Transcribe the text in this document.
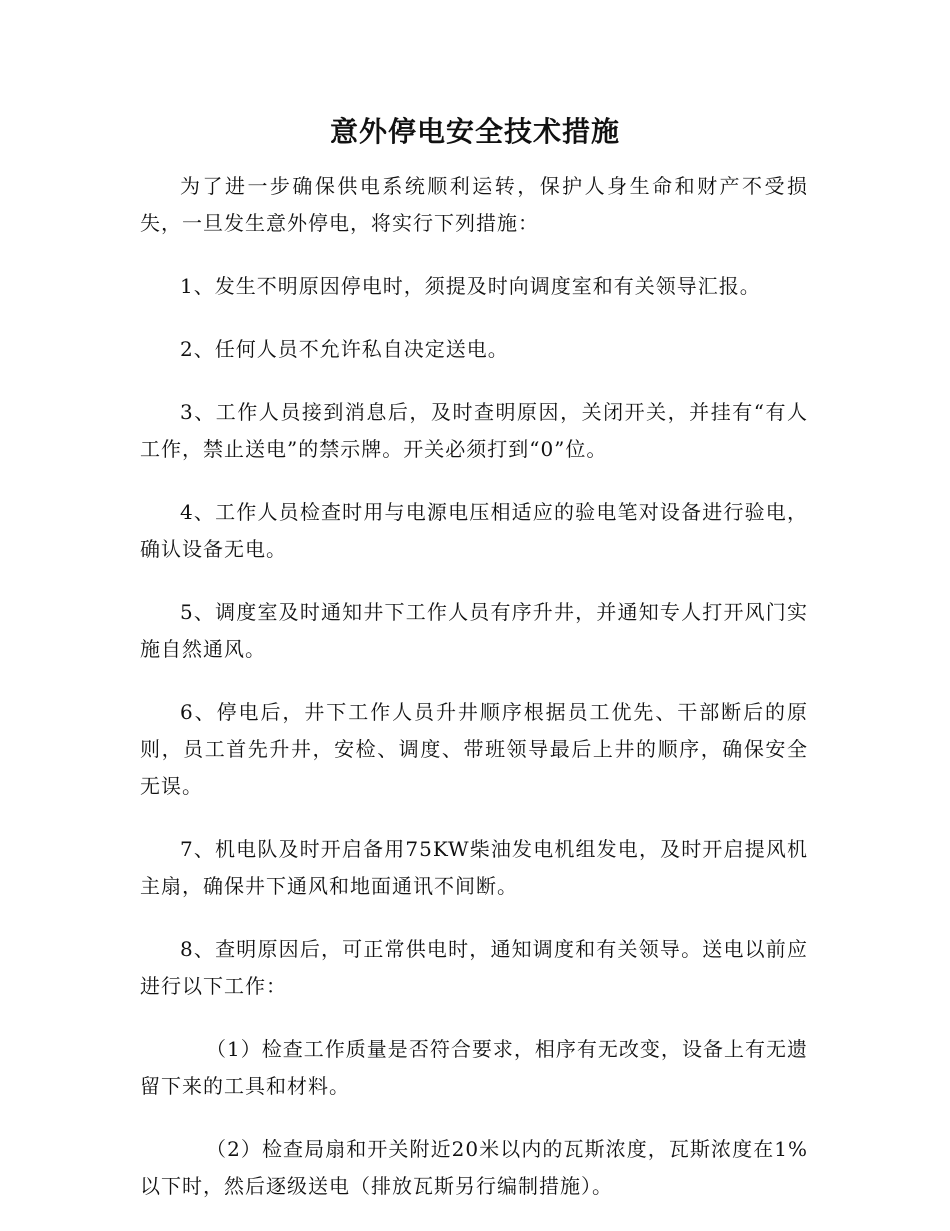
意外停电安全技术措施

为了进一步确保供电系统顺利运转，保护人身生命和财产不受损失，一旦发生意外停电，将实行下列措施：

1、发生不明原因停电时，须提及时向调度室和有关领导汇报。

2、任何人员不允许私自决定送电。

3、工作人员接到消息后，及时查明原因，关闭开关，并挂有“有人工作，禁止送电”的禁示牌。开关必须打到“0”位。

4、工作人员检查时用与电源电压相适应的验电笔对设备进行验电，确认设备无电。

5、调度室及时通知井下工作人员有序升井，并通知专人打开风门实施自然通风。

6、停电后，井下工作人员升井顺序根据员工优先、干部断后的原则，员工首先升井，安检、调度、带班领导最后上井的顺序，确保安全无误。

7、机电队及时开启备用75KW柴油发电机组发电，及时开启提风机主扇，确保井下通风和地面通讯不间断。

8、查明原因后，可正常供电时，通知调度和有关领导。送电以前应进行以下工作：

（1）检查工作质量是否符合要求，相序有无改变，设备上有无遗留下来的工具和材料。

（2）检查局扇和开关附近20米以内的瓦斯浓度，瓦斯浓度在1%以下时，然后逐级送电（排放瓦斯另行编制措施）。
